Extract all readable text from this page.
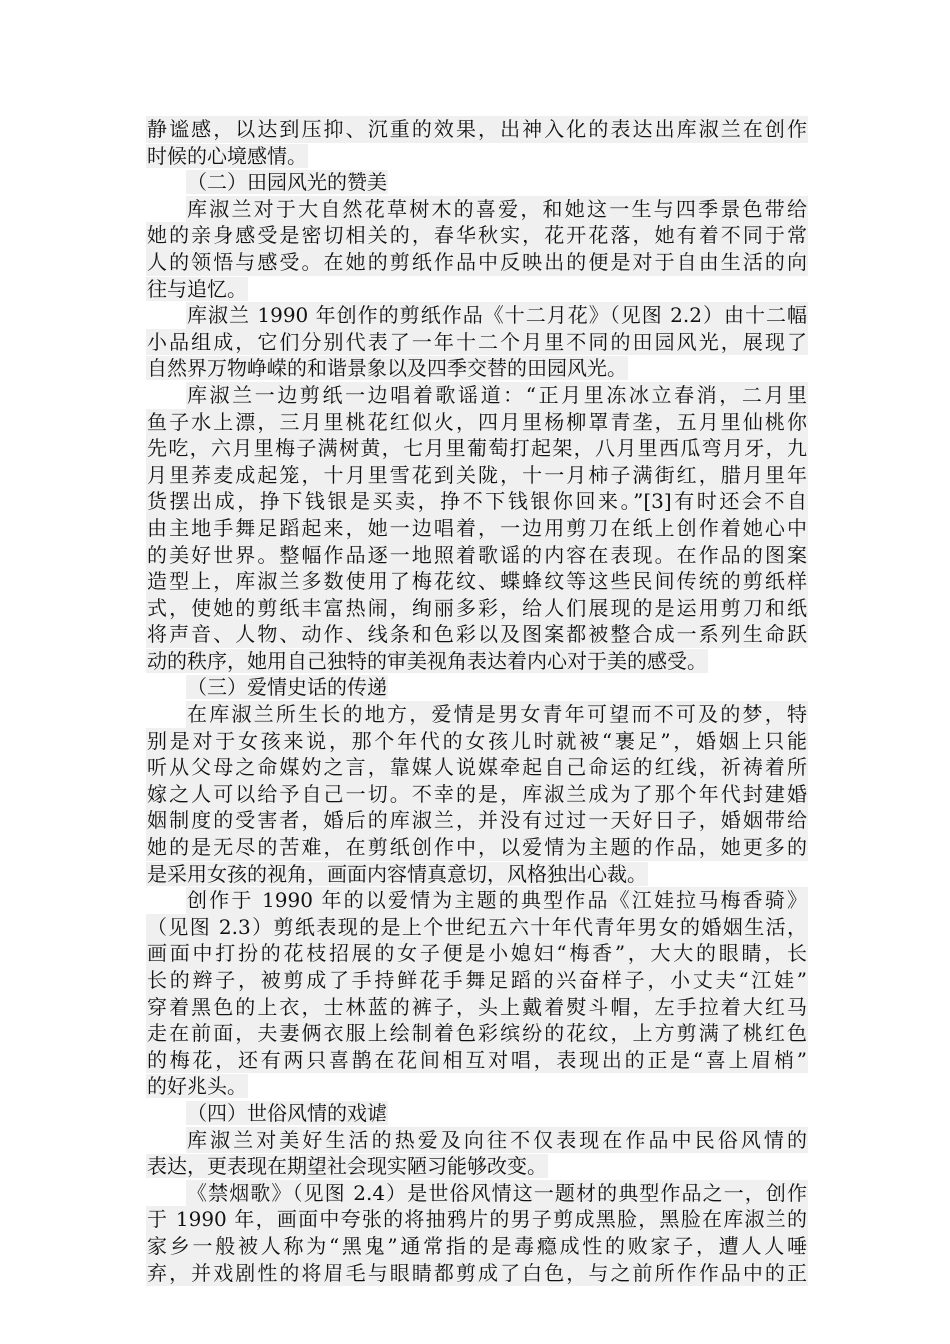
静谧感，以达到压抑、沉重的效果，出神入化的表达出库淑兰在创作
时候的心境感情。
（二）田园风光的赞美
库淑兰对于大自然花草树木的喜爱，和她这一生与四季景色带给
她的亲身感受是密切相关的，春华秋实，花开花落，她有着不同于常
人的领悟与感受。在她的剪纸作品中反映出的便是对于自由生活的向
往与追忆。
库淑兰 1990 年创作的剪纸作品《十二月花》（见图 2.2）由十二幅
小品组成，它们分别代表了一年十二个月里不同的田园风光，展现了
自然界万物峥嵘的和谐景象以及四季交替的田园风光。
库淑兰一边剪纸一边唱着歌谣道：“正月里冻冰立春消，二月里
鱼子水上漂，三月里桃花红似火，四月里杨柳罩青垄，五月里仙桃你
先吃，六月里梅子满树黄，七月里葡萄打起架，八月里西瓜弯月牙，九
月里荞麦成起笼，十月里雪花到关陇，十一月柿子满街红，腊月里年
货摆出成，挣下钱银是买卖，挣不下钱银你回来。”[3]有时还会不自
由主地手舞足蹈起来，她一边唱着，一边用剪刀在纸上创作着她心中
的美好世界。整幅作品逐一地照着歌谣的内容在表现。在作品的图案
造型上，库淑兰多数使用了梅花纹、蝶蜂纹等这些民间传统的剪纸样
式，使她的剪纸丰富热闹，绚丽多彩，给人们展现的是运用剪刀和纸
将声音、人物、动作、线条和色彩以及图案都被整合成一系列生命跃
动的秩序，她用自己独特的审美视角表达着内心对于美的感受。
（三）爱情史话的传递
在库淑兰所生长的地方，爱情是男女青年可望而不可及的梦，特
别是对于女孩来说，那个年代的女孩儿时就被“裹足”，婚姻上只能
听从父母之命媒妁之言，靠媒人说媒牵起自己命运的红线，祈祷着所
嫁之人可以给予自己一切。不幸的是，库淑兰成为了那个年代封建婚
姻制度的受害者，婚后的库淑兰，并没有过过一天好日子，婚姻带给
她的是无尽的苦难，在剪纸创作中，以爱情为主题的作品，她更多的
是采用女孩的视角，画面内容情真意切，风格独出心裁。
创作于 1990 年的以爱情为主题的典型作品《江娃拉马梅香骑》
（见图 2.3）剪纸表现的是上个世纪五六十年代青年男女的婚姻生活，
画面中打扮的花枝招展的女子便是小媳妇“梅香”，大大的眼睛，长
长的辫子，被剪成了手持鲜花手舞足蹈的兴奋样子，小丈夫“江娃”
穿着黑色的上衣，士林蓝的裤子，头上戴着熨斗帽，左手拉着大红马
走在前面，夫妻俩衣服上绘制着色彩缤纷的花纹，上方剪满了桃红色
的梅花，还有两只喜鹊在花间相互对唱，表现出的正是“喜上眉梢”
的好兆头。
（四）世俗风情的戏谑
库淑兰对美好生活的热爱及向往不仅表现在作品中民俗风情的
表达，更表现在期望社会现实陋习能够改变。
《禁烟歌》（见图 2.4）是世俗风情这一题材的典型作品之一，创作
于 1990 年，画面中夸张的将抽鸦片的男子剪成黑脸，黑脸在库淑兰的
家乡一般被人称为“黑鬼”通常指的是毒瘾成性的败家子，遭人人唾
弃，并戏剧性的将眉毛与眼睛都剪成了白色，与之前所作作品中的正
